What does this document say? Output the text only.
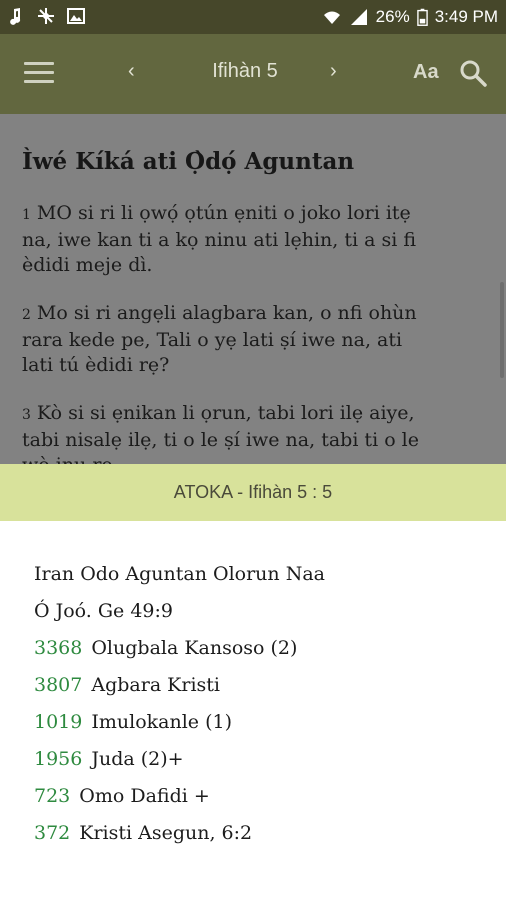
26% 3:49 PM
‹	Ifihàn 5	›	Aa
Ìwé Kíká ati Ọ̀dọ́ Aguntan
1 MO si ri li ọwọ́ ọtún ẹniti o joko lori itẹ
na, iwe kan ti a kọ ninu ati lẹhin, ti a si fi
èdidi meje dì.
2 Mo si ri angẹli alagbara kan, o nfi ohùn
rara kede pe, Tali o yẹ lati ṣí iwe na, ati
lati tú èdidi rẹ?
3 Kò si si ẹnikan li ọrun, tabi lori ilẹ aiye,
tabi nisalẹ ilẹ, ti o le ṣí iwe na, tabi ti o le
ATOKA - Ifihàn 5 : 5
Iran Odo Aguntan Olorun Naa
Ó Joó. Ge 49:9
3368 Olugbala Kansoso (2)
3807 Agbara Kristi
1019 Imulokanle (1)
1956 Juda (2)+
723 Omo Dafidi +
372 Kristi Asegun, 6:2
